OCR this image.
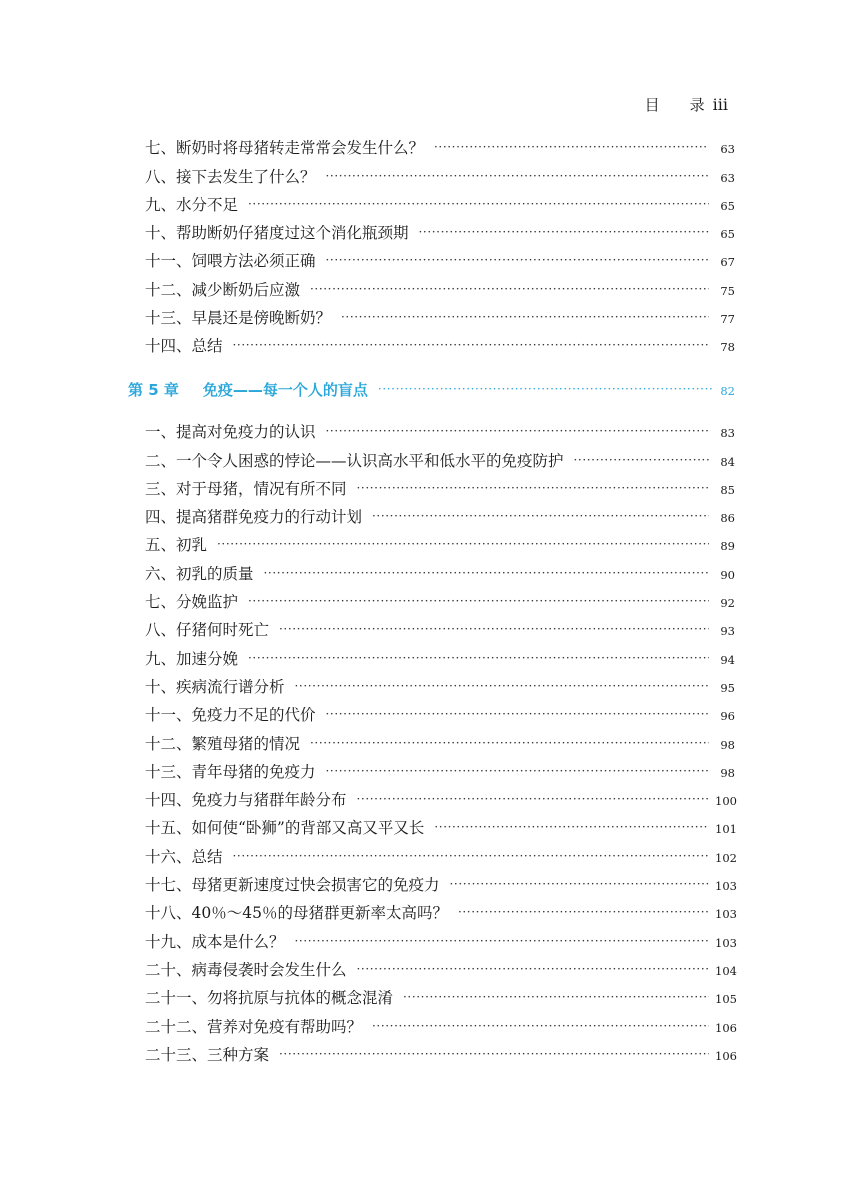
目 录 iii
七、断奶时将母猪转走常常会发生什么？ ·····	63
八、接下去发生了什么？ ·····	63
九、水分不足 ·····	65
十、帮助断奶仔猪度过这个消化瓶颈期 ·····	65
十一、饲喂方法必须正确 ·····	67
十二、减少断奶后应激 ·····	75
十三、早晨还是傍晚断奶？ ·····	77
十四、总结 ·····	78
第 5 章 免疫——每一个人的盲点 ·····	82
一、提高对免疫力的认识 ·····	83
二、一个令人困惑的悖论——认识高水平和低水平的免疫防护 ·····	84
三、对于母猪，情况有所不同 ·····	85
四、提高猪群免疫力的行动计划 ·····	86
五、初乳 ·····	89
六、初乳的质量 ·····	90
七、分娩监护 ·····	92
八、仔猪何时死亡 ·····	93
九、加速分娩 ·····	94
十、疾病流行谱分析 ·····	95
十一、免疫力不足的代价 ·····	96
十二、繁殖母猪的情况 ·····	98
十三、青年母猪的免疫力 ·····	98
十四、免疫力与猪群年龄分布 ·····	100
十五、如何使“卧狮”的背部又高又平又长 ·····	101
十六、总结 ·····	102
十七、母猪更新速度过快会损害它的免疫力 ·····	103
十八、40％～45％的母猪群更新率太高吗？ ·····	103
十九、成本是什么？ ·····	103
二十、病毒侵袭时会发生什么 ·····	104
二十一、勿将抗原与抗体的概念混淆 ·····	105
二十二、营养对免疫有帮助吗？ ·····	106
二十三、三种方案 ·····	106
